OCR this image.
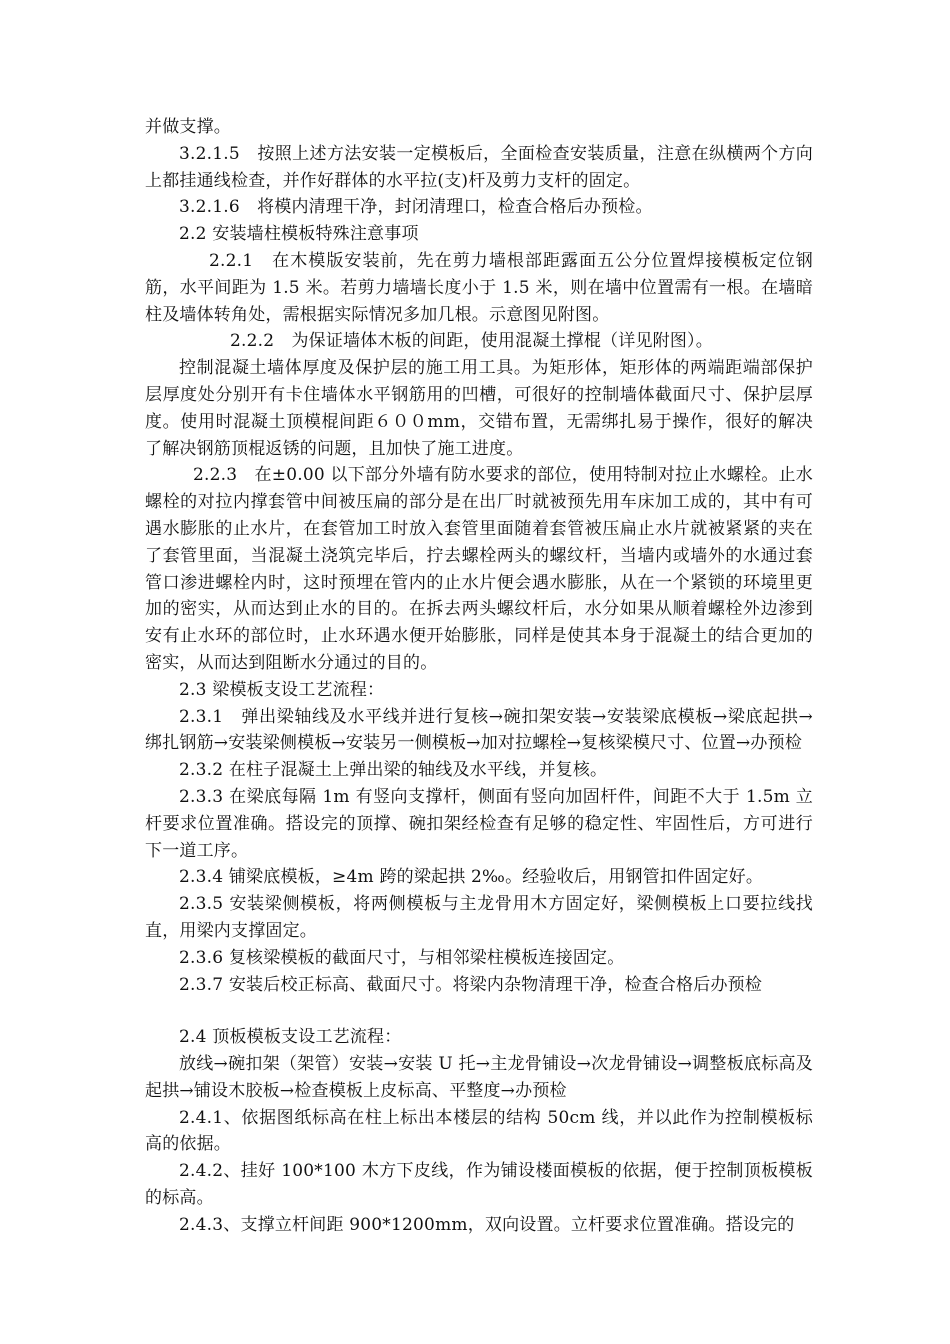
并做支撑。

3.2.1.5　按照上述方法安装一定模板后，全面检查安装质量，注意在纵横两个方向上都挂通线检查，并作好群体的水平拉(支)杆及剪力支杆的固定。

3.2.1.6　将模内清理干净，封闭清理口，检查合格后办预检。

2.2 安装墙柱模板特殊注意事项

2.2.1　在木模版安装前，先在剪力墙根部距露面五公分位置焊接模板定位钢筋，水平间距为 1.5 米。若剪力墙墙长度小于 1.5 米，则在墙中位置需有一根。在墙暗柱及墙体转角处，需根据实际情况多加几根。示意图见附图。

2.2.2　为保证墙体木板的间距，使用混凝土撑棍（详见附图）。

控制混凝土墙体厚度及保护层的施工用工具。为矩形体，矩形体的两端距端部保护层厚度处分别开有卡住墙体水平钢筋用的凹槽，可很好的控制墙体截面尺寸、保护层厚度。使用时混凝土顶模棍间距６００mm，交错布置，无需绑扎易于操作，很好的解决了解决钢筋顶棍返锈的问题，且加快了施工进度。

2.2.3　在±0.00 以下部分外墙有防水要求的部位，使用特制对拉止水螺栓。止水螺栓的对拉内撑套管中间被压扁的部分是在出厂时就被预先用车床加工成的，其中有可遇水膨胀的止水片，在套管加工时放入套管里面随着套管被压扁止水片就被紧紧的夹在了套管里面，当混凝土浇筑完毕后，拧去螺栓两头的螺纹杆，当墙内或墙外的水通过套管口渗进螺栓内时，这时预埋在管内的止水片便会遇水膨胀，从在一个紧锁的环境里更加的密实，从而达到止水的目的。在拆去两头螺纹杆后，水分如果从顺着螺栓外边渗到安有止水环的部位时，止水环遇水便开始膨胀，同样是使其本身于混凝土的结合更加的密实，从而达到阻断水分通过的目的。

2.3 梁模板支设工艺流程：

2.3.1　弹出梁轴线及水平线并进行复核→碗扣架安装→安装梁底模板→梁底起拱→绑扎钢筋→安装梁侧模板→安装另一侧模板→加对拉螺栓→复核梁模尺寸、位置→办预检

2.3.2 在柱子混凝土上弹出梁的轴线及水平线，并复核。

2.3.3 在梁底每隔 1m 有竖向支撑杆，侧面有竖向加固杆件，间距不大于 1.5m 立杆要求位置准确。搭设完的顶撑、碗扣架经检查有足够的稳定性、牢固性后，方可进行下一道工序。

2.3.4 铺梁底模板，≥4m 跨的梁起拱 2‰。经验收后，用钢管扣件固定好。

2.3.5 安装梁侧模板，将两侧模板与主龙骨用木方固定好，梁侧模板上口要拉线找直，用梁内支撑固定。

2.3.6 复核梁模板的截面尺寸，与相邻梁柱模板连接固定。

2.3.7 安装后校正标高、截面尺寸。将梁内杂物清理干净，检查合格后办预检

2.4 顶板模板支设工艺流程：

放线→碗扣架（架管）安装→安装 U 托→主龙骨铺设→次龙骨铺设→调整板底标高及起拱→铺设木胶板→检查模板上皮标高、平整度→办预检

2.4.1、依据图纸标高在柱上标出本楼层的结构 50cm 线，并以此作为控制模板标高的依据。

2.4.2、挂好 100*100 木方下皮线，作为铺设楼面模板的依据，便于控制顶板模板的标高。

2.4.3、支撑立杆间距 900*1200mm，双向设置。立杆要求位置准确。搭设完的
